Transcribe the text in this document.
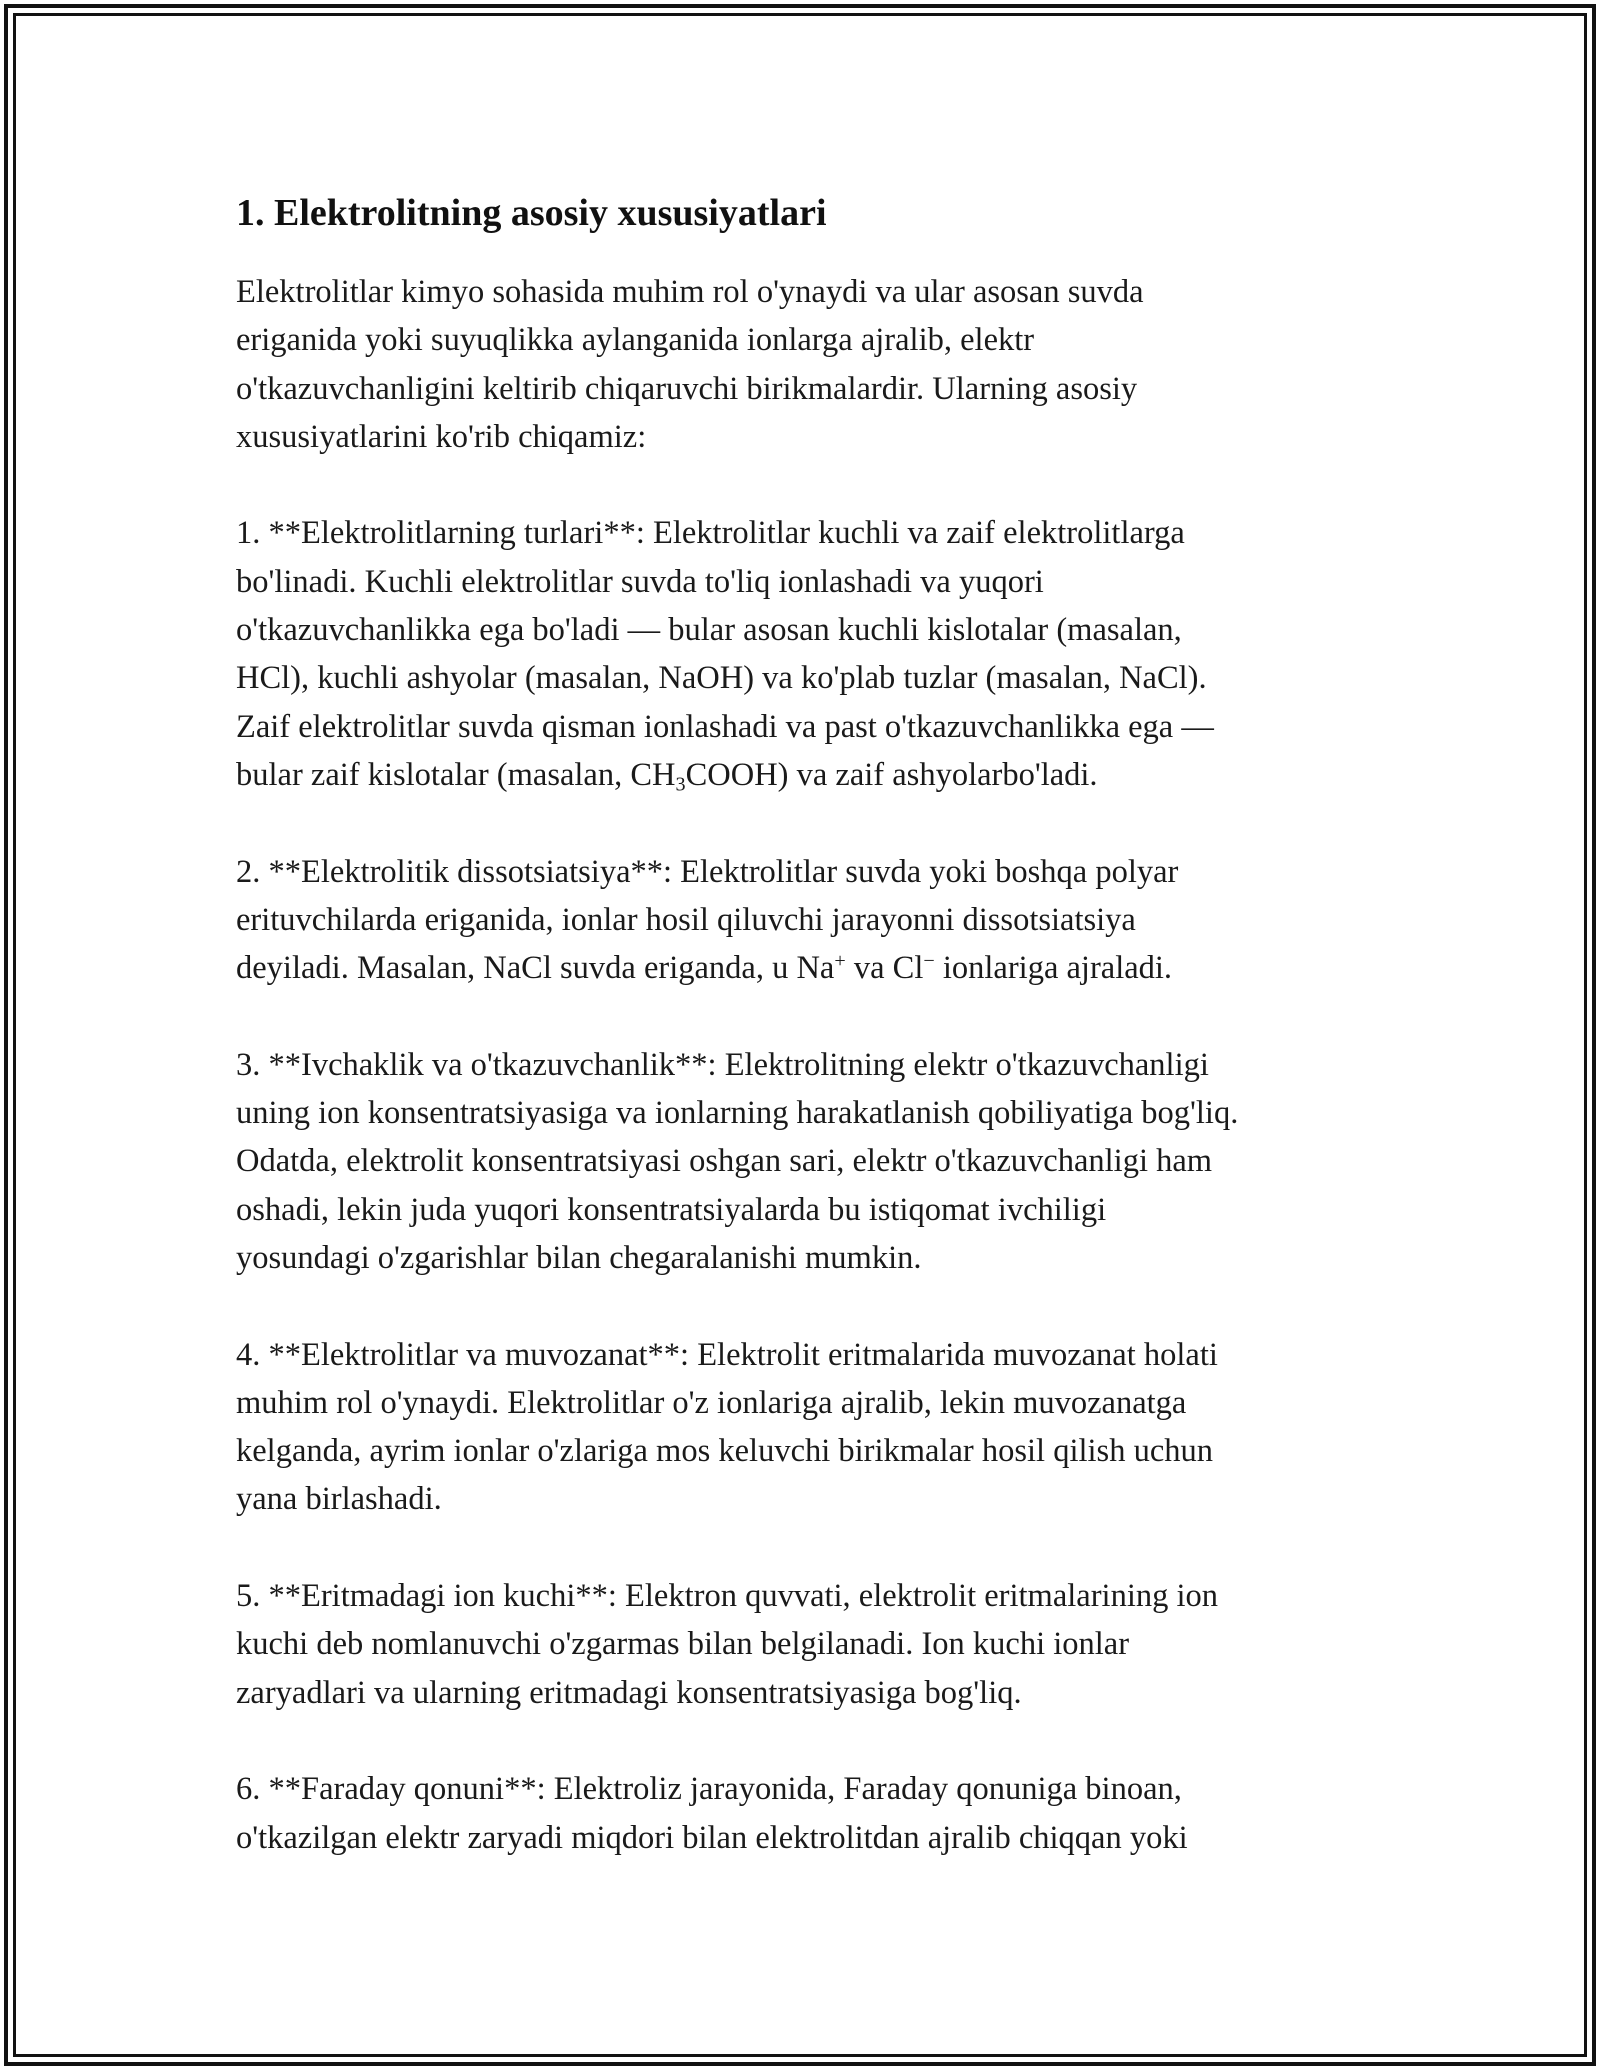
1. Elektrolitning asosiy xususiyatlari

Elektrolitlar kimyo sohasida muhim rol o'ynaydi va ular asosan suvda
eriganida yoki suyuqlikka aylanganida ionlarga ajralib, elektr
o'tkazuvchanligini keltirib chiqaruvchi birikmalardir. Ularning asosiy
xususiyatlarini ko'rib chiqamiz:

1. **Elektrolitlarning turlari**: Elektrolitlar kuchli va zaif elektrolitlarga
bo'linadi. Kuchli elektrolitlar suvda to'liq ionlashadi va yuqori
o'tkazuvchanlikka ega bo'ladi — bular asosan kuchli kislotalar (masalan,
HCl), kuchli ashyolar (masalan, NaOH) va ko'plab tuzlar (masalan, NaCl).
Zaif elektrolitlar suvda qisman ionlashadi va past o'tkazuvchanlikka ega —
bular zaif kislotalar (masalan, $CH_3COOH$) va zaif ashyolarbo'ladi.

2. **Elektrolitik dissotsiatsiya**: Elektrolitlar suvda yoki boshqa polyar
erituvchilarda eriganida, ionlar hosil qiluvchi jarayonni dissotsiatsiya
deyiladi. Masalan, NaCl suvda eriganda, u Na+ va Cl− ionlariga ajraladi.

3. **Ivchaklik va o'tkazuvchanlik**: Elektrolitning elektr o'tkazuvchanligi
uning ion konsentratsiyasiga va ionlarning harakatlanish qobiliyatiga bog'liq.
Odatda, elektrolit konsentratsiyasi oshgan sari, elektr o'tkazuvchanligi ham
oshadi, lekin juda yuqori konsentratsiyalarda bu istiqomat ivchiligi
yosundagi o'zgarishlar bilan chegaralanishi mumkin.

4. **Elektrolitlar va muvozanat**: Elektrolit eritmalarida muvozanat holati
muhim rol o'ynaydi. Elektrolitlar o'z ionlariga ajralib, lekin muvozanatga
kelganda, ayrim ionlar o'zlariga mos keluvchi birikmalar hosil qilish uchun
yana birlashadi.

5. **Eritmadagi ion kuchi**: Elektron quvvati, elektrolit eritmalarining ion
kuchi deb nomlanuvchi o'zgarmas bilan belgilanadi. Ion kuchi ionlar
zaryadlari va ularning eritmadagi konsentratsiyasiga bog'liq.

6. **Faraday qonuni**: Elektroliz jarayonida, Faraday qonuniga binoan,
o'tkazilgan elektr zaryadi miqdori bilan elektrolitdan ajralib chiqqan yoki
